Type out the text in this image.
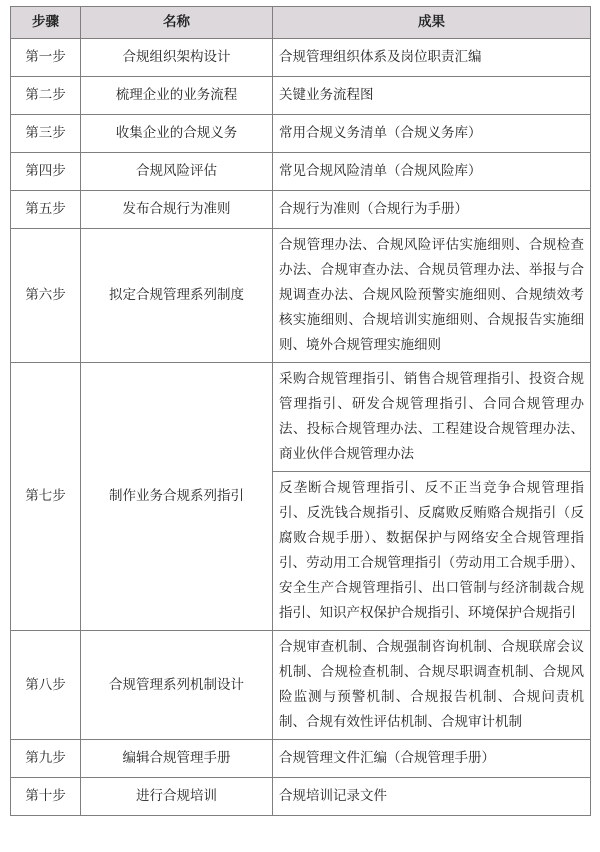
步骤	名称	成果
第一步	合规组织架构设计	合规管理组织体系及岗位职责汇编
第二步	梳理企业的业务流程	关键业务流程图
第三步	收集企业的合规义务	常用合规义务清单（合规义务库）
第四步	合规风险评估	常见合规风险清单（合规风险库）
第五步	发布合规行为准则	合规行为准则（合规行为手册）
第六步	拟定合规管理系列制度	合规管理办法、合规风险评估实施细则、合规检查办法、合规审查办法、合规员管理办法、举报与合规调查办法、合规风险预警实施细则、合规绩效考核实施细则、合规培训实施细则、合规报告实施细则、境外合规管理实施细则
第七步	制作业务合规系列指引	采购合规管理指引、销售合规管理指引、投资合规管理指引、研发合规管理指引、合同合规管理办法、投标合规管理办法、工程建设合规管理办法、商业伙伴合规管理办法
		反垄断合规管理指引、反不正当竞争合规管理指引、反洗钱合规指引、反腐败反贿赂合规指引（反腐败合规手册）、数据保护与网络安全合规管理指引、劳动用工合规管理指引（劳动用工合规手册）、安全生产合规管理指引、出口管制与经济制裁合规指引、知识产权保护合规指引、环境保护合规指引
第八步	合规管理系列机制设计	合规审查机制、合规强制咨询机制、合规联席会议机制、合规检查机制、合规尽职调查机制、合规风险监测与预警机制、合规报告机制、合规问责机制、合规有效性评估机制、合规审计机制
第九步	编辑合规管理手册	合规管理文件汇编（合规管理手册）
第十步	进行合规培训	合规培训记录文件
